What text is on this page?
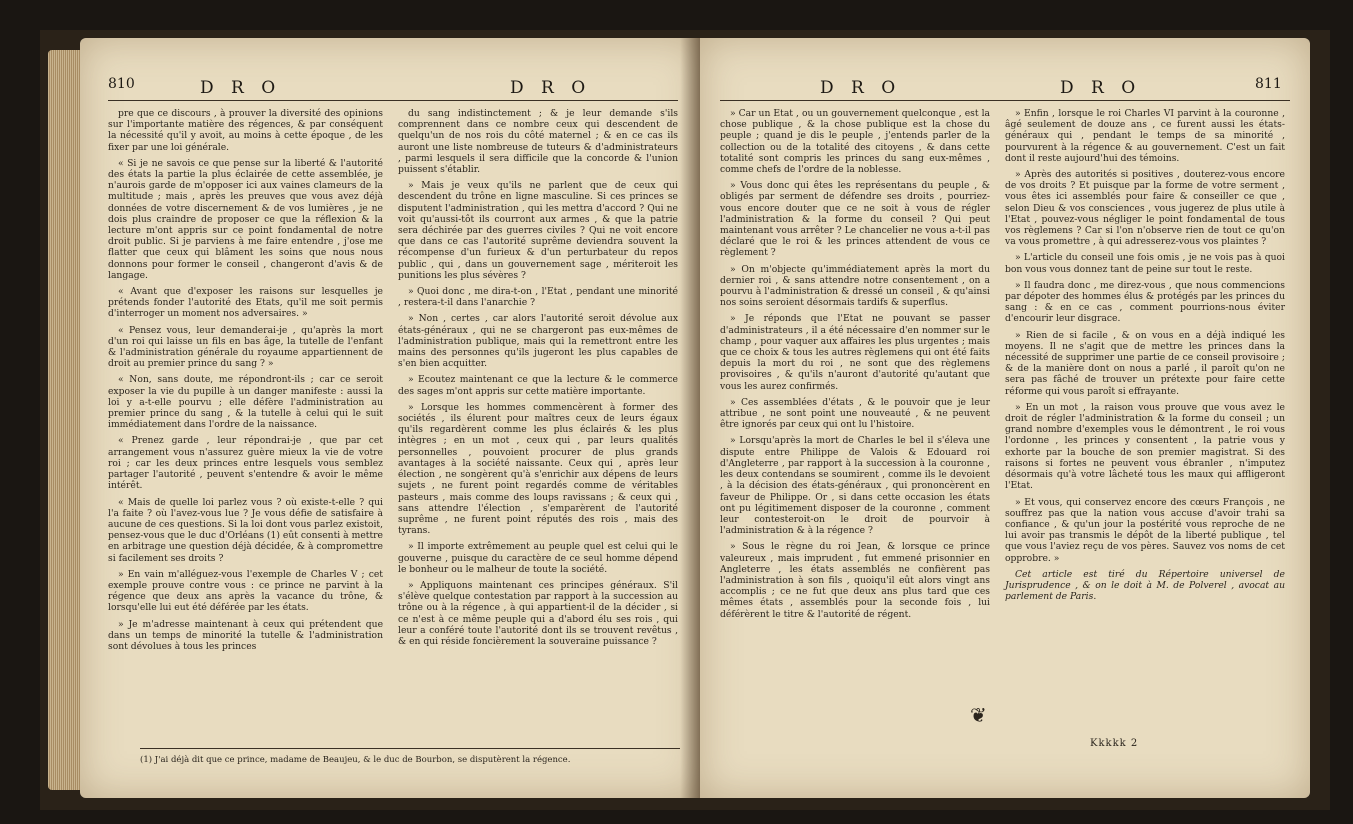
810	D R O	D R O

pre que ce discours , à prouver la diversité des opinions sur l'importante matière des régences, & par conséquent la nécessité qu'il y avoit, au moins à cette époque , de les fixer par une loi générale.

« Si je ne savois ce que pense sur la liberté & l'autorité des états la partie la plus éclairée de cette assemblée, je n'aurois garde de m'opposer ici aux vaines clameurs de la multitude ; mais , après les preuves que vous avez déjà données de votre discernement & de vos lumières , je ne dois plus craindre de proposer ce que la réflexion & la lecture m'ont appris sur ce point fondamental de notre droit public. Si je parviens à me faire entendre , j'ose me flatter que ceux qui blâment les soins que nous nous donnons pour former le conseil , changeront d'avis & de langage.

« Avant que d'exposer les raisons sur lesquelles je prétends fonder l'autorité des Etats, qu'il me soit permis d'interroger un moment nos adversaires. »

« Pensez vous, leur demanderai-je , qu'après la mort d'un roi qui laisse un fils en bas âge, la tutelle de l'enfant & l'administration générale du royaume appartiennent de droit au premier prince du sang ? »

« Non, sans doute, me répondront-ils ; car ce seroit exposer la vie du pupille à un danger manifeste : aussi la loi y a-t-elle pourvu ; elle défère l'administration au premier prince du sang , & la tutelle à celui qui le suit immédiatement dans l'ordre de la naissance.

« Prenez garde , leur répondrai-je , que par cet arrangement vous n'assurez guère mieux la vie de votre roi ; car les deux princes entre lesquels vous semblez partager l'autorité , peuvent s'entendre & avoir le même intérêt.

« Mais de quelle loi parlez vous ? où existe-t-elle ? qui l'a faite ? où l'avez-vous lue ? Je vous défie de satisfaire à aucune de ces questions. Si la loi dont vous parlez existoit, pensez-vous que le duc d'Orléans (1) eût consenti à mettre en arbitrage une question déjà décidée, & à compromettre si facilement ses droits ?

» En vain m'alléguez-vous l'exemple de Charles V ; cet exemple prouve contre vous : ce prince ne parvint à la régence que deux ans après la vacance du trône, & lorsqu'elle lui eut été déférée par les états.

» Je m'adresse maintenant à ceux qui prétendent que dans un temps de minorité la tutelle & l'administration sont dévolues à tous les princes

du sang indistinctement ; & je leur demande s'ils comprennent dans ce nombre ceux qui descendent de quelqu'un de nos rois du côté maternel ; & en ce cas ils auront une liste nombreuse de tuteurs & d'administrateurs , parmi lesquels il sera difficile que la concorde & l'union puissent s'établir.

» Mais je veux qu'ils ne parlent que de ceux qui descendent du trône en ligne masculine. Si ces princes se disputent l'administration , qui les mettra d'accord ? Qui ne voit qu'aussi-tôt ils courront aux armes , & que la patrie sera déchirée par des guerres civiles ? Qui ne voit encore que dans ce cas l'autorité suprême deviendra souvent la récompense d'un furieux & d'un perturbateur du repos public , qui , dans un gouvernement sage , mériteroit les punitions les plus sévères ?

» Quoi donc , me dira-t-on , l'Etat , pendant une minorité , restera-t-il dans l'anarchie ?

» Non , certes , car alors l'autorité seroit dévolue aux états-généraux , qui ne se chargeront pas eux-mêmes de l'administration publique, mais qui la remettront entre les mains des personnes qu'ils jugeront les plus capables de s'en bien acquitter.

» Ecoutez maintenant ce que la lecture & le commerce des sages m'ont appris sur cette matière importante.

» Lorsque les hommes commencèrent à former des sociétés , ils élurent pour maîtres ceux de leurs égaux qu'ils regardèrent comme les plus éclairés & les plus intègres ; en un mot , ceux qui , par leurs qualités personnelles , pouvoient procurer de plus grands avantages à la société naissante. Ceux qui , après leur élection , ne songèrent qu'à s'enrichir aux dépens de leurs sujets , ne furent point regardés comme de véritables pasteurs , mais comme des loups ravissans ; & ceux qui , sans attendre l'élection , s'emparèrent de l'autorité suprême , ne furent point réputés des rois , mais des tyrans.

» Il importe extrêmement au peuple quel est celui qui le gouverne , puisque du caractère de ce seul homme dépend le bonheur ou le malheur de toute la société.

» Appliquons maintenant ces principes généraux. S'il s'élève quelque contestation par rapport à la succession au trône ou à la régence , à qui appartient-il de la décider , si ce n'est à ce même peuple qui a d'abord élu ses rois , qui leur a conféré toute l'autorité dont ils se trouvent revêtus , & en qui réside foncièrement la souveraine puissance ?

(1) J'ai déjà dit que ce prince, madame de Beaujeu, & le duc de Bourbon, se disputèrent la régence.
D R O	D R O	811

» Car un Etat , ou un gouvernement quelconque , est la chose publique , & la chose publique est la chose du peuple ; quand je dis le peuple , j'entends parler de la collection ou de la totalité des citoyens , & dans cette totalité sont compris les princes du sang eux-mêmes , comme chefs de l'ordre de la noblesse.

» Vous donc qui êtes les représentans du peuple , & obligés par serment de défendre ses droits , pourriez-vous encore douter que ce ne soit à vous de régler l'administration & la forme du conseil ? Qui peut maintenant vous arrêter ? Le chancelier ne vous a-t-il pas déclaré que le roi & les princes attendent de vous ce règlement ?

» On m'objecte qu'immédiatement après la mort du dernier roi , & sans attendre notre consentement , on a pourvu à l'administration & dressé un conseil , & qu'ainsi nos soins seroient désormais tardifs & superflus.

» Je réponds que l'Etat ne pouvant se passer d'administrateurs , il a été nécessaire d'en nommer sur le champ , pour vaquer aux affaires les plus urgentes ; mais que ce choix & tous les autres règlemens qui ont été faits depuis la mort du roi , ne sont que des règlemens provisoires , & qu'ils n'auront d'autorité qu'autant que vous les aurez confirmés.

» Ces assemblées d'états , & le pouvoir que je leur attribue , ne sont point une nouveauté , & ne peuvent être ignorés par ceux qui ont lu l'histoire.

» Lorsqu'après la mort de Charles le bel il s'éleva une dispute entre Philippe de Valois & Edouard roi d'Angleterre , par rapport à la succession à la couronne , les deux contendans se soumirent , comme ils le devoient , à la décision des états-généraux , qui prononcèrent en faveur de Philippe. Or , si dans cette occasion les états ont pu légitimement disposer de la couronne , comment leur contesteroit-on le droit de pourvoir à l'administration & à la régence ?

» Sous le règne du roi Jean, & lorsque ce prince valeureux , mais imprudent , fut emmené prisonnier en Angleterre , les états assemblés ne confièrent pas l'administration à son fils , quoiqu'il eût alors vingt ans accomplis ; ce ne fut que deux ans plus tard que ces mêmes états , assemblés pour la seconde fois , lui déférèrent le titre & l'autorité de régent.

» Enfin , lorsque le roi Charles VI parvint à la couronne , âgé seulement de douze ans , ce furent aussi les états-généraux qui , pendant le temps de sa minorité , pourvurent à la régence & au gouvernement. C'est un fait dont il reste aujourd'hui des témoins.

» Après des autorités si positives , douterez-vous encore de vos droits ? Et puisque par la forme de votre serment , vous êtes ici assemblés pour faire & conseiller ce que , selon Dieu & vos consciences , vous jugerez de plus utile à l'Etat , pouvez-vous négliger le point fondamental de tous vos règlemens ? Car si l'on n'observe rien de tout ce qu'on va vous promettre , à qui adresserez-vous vos plaintes ?

» L'article du conseil une fois omis , je ne vois pas à quoi bon vous vous donnez tant de peine sur tout le reste.

» Il faudra donc , me direz-vous , que nous commencions par dépoter des hommes élus & protégés par les princes du sang : & en ce cas , comment pourrions-nous éviter d'encourir leur disgrace.

» Rien de si facile , & on vous en a déjà indiqué les moyens. Il ne s'agit que de mettre les princes dans la nécessité de supprimer une partie de ce conseil provisoire ; & de la manière dont on nous a parlé , il paroît qu'on ne sera pas fâché de trouver un prétexte pour faire cette réforme qui vous paroît si effrayante.

» En un mot , la raison vous prouve que vous avez le droit de régler l'administration & la forme du conseil ; un grand nombre d'exemples vous le démontrent , le roi vous l'ordonne , les princes y consentent , la patrie vous y exhorte par la bouche de son premier magistrat. Si des raisons si fortes ne peuvent vous ébranler , n'imputez désormais qu'à votre lâcheté tous les maux qui affligeront l'Etat.

» Et vous, qui conservez encore des cœurs François , ne souffrez pas que la nation vous accuse d'avoir trahi sa confiance , & qu'un jour la postérité vous reproche de ne lui avoir pas transmis le dépôt de la liberté publique , tel que vous l'aviez reçu de vos pères. Sauvez vos noms de cet opprobre. »

Cet article est tiré du Répertoire universel de Jurisprudence , & on le doit à M. de Polverel , avocat au parlement de Paris.

❦
Kkkkk 2
